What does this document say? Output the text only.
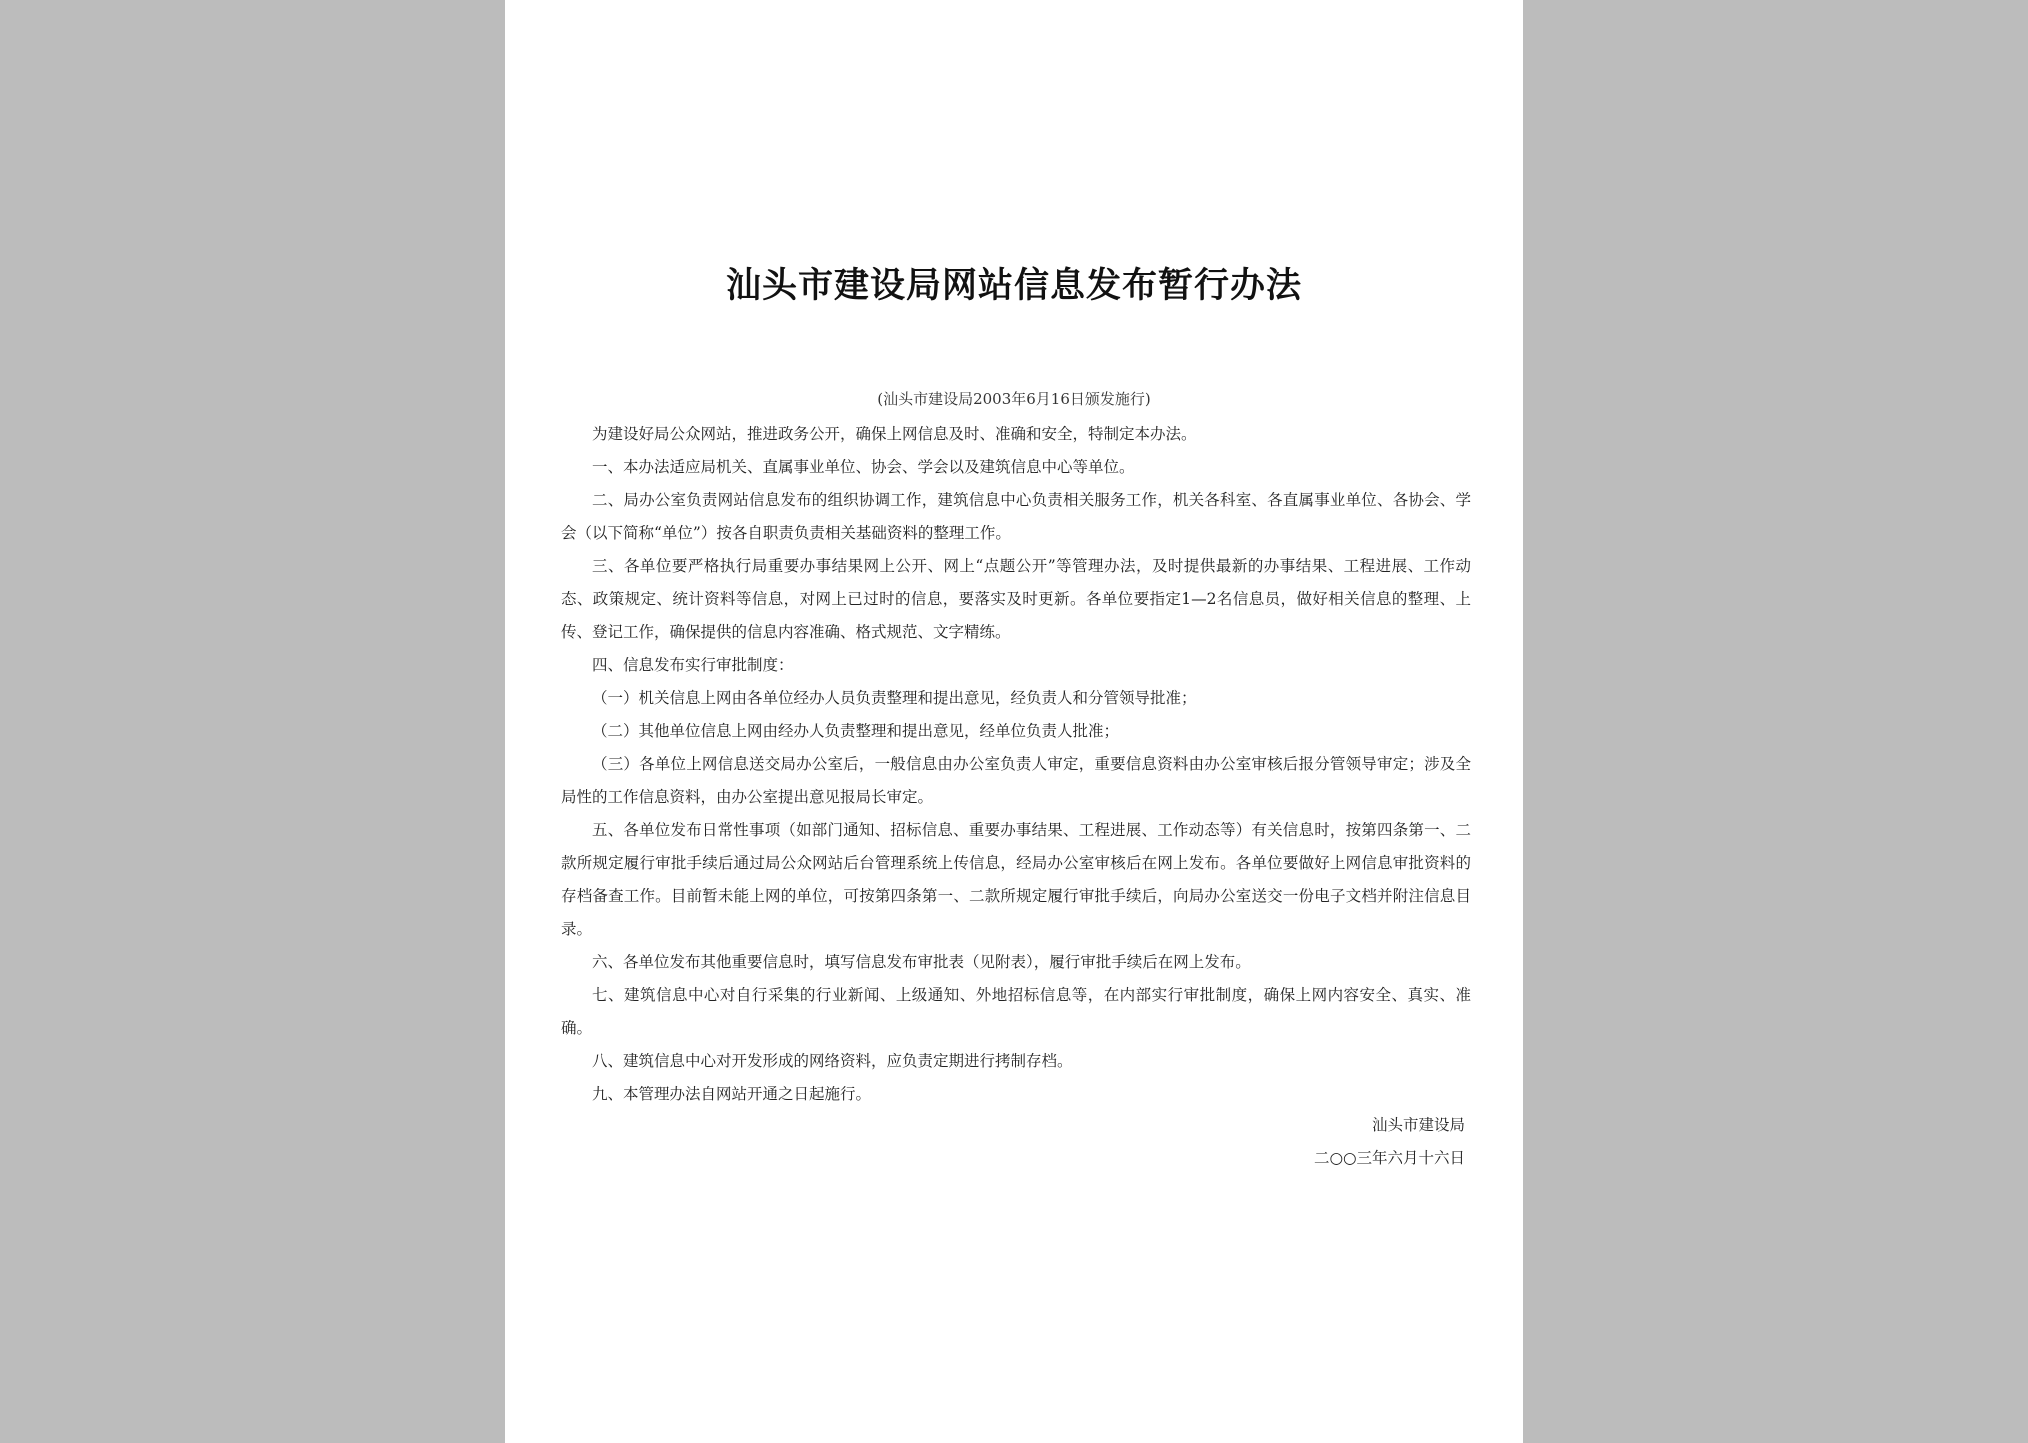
汕头市建设局网站信息发布暂行办法
(汕头市建设局2003年6月16日颁发施行)

为建设好局公众网站，推进政务公开，确保上网信息及时、准确和安全，特制定本办法。

一、本办法适应局机关、直属事业单位、协会、学会以及建筑信息中心等单位。

二、局办公室负责网站信息发布的组织协调工作，建筑信息中心负责相关服务工作，机关各科室、各直属事业单位、各协会、学会（以下简称“单位”）按各自职责负责相关基础资料的整理工作。

三、各单位要严格执行局重要办事结果网上公开、网上“点题公开”等管理办法，及时提供最新的办事结果、工程进展、工作动态、政策规定、统计资料等信息，对网上已过时的信息，要落实及时更新。各单位要指定1—2名信息员，做好相关信息的整理、上传、登记工作，确保提供的信息内容准确、格式规范、文字精练。

四、信息发布实行审批制度：

（一）机关信息上网由各单位经办人员负责整理和提出意见，经负责人和分管领导批准；

（二）其他单位信息上网由经办人负责整理和提出意见，经单位负责人批准；

（三）各单位上网信息送交局办公室后，一般信息由办公室负责人审定，重要信息资料由办公室审核后报分管领导审定；涉及全局性的工作信息资料，由办公室提出意见报局长审定。

五、各单位发布日常性事项（如部门通知、招标信息、重要办事结果、工程进展、工作动态等）有关信息时，按第四条第一、二款所规定履行审批手续后通过局公众网站后台管理系统上传信息，经局办公室审核后在网上发布。各单位要做好上网信息审批资料的存档备查工作。目前暂未能上网的单位，可按第四条第一、二款所规定履行审批手续后，向局办公室送交一份电子文档并附注信息目录。

六、各单位发布其他重要信息时，填写信息发布审批表（见附表），履行审批手续后在网上发布。

七、建筑信息中心对自行采集的行业新闻、上级通知、外地招标信息等，在内部实行审批制度，确保上网内容安全、真实、准确。

八、建筑信息中心对开发形成的网络资料，应负责定期进行拷制存档。

九、本管理办法自网站开通之日起施行。

汕头市建设局
二○○三年六月十六日
